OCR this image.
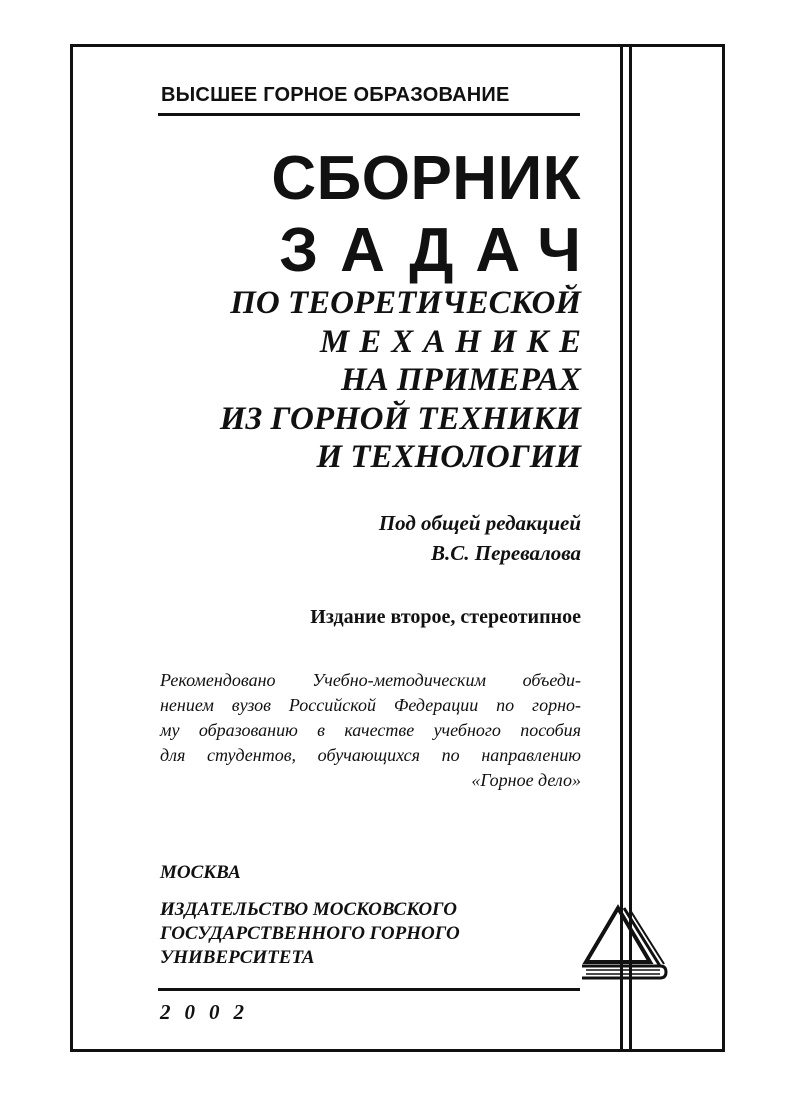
ВЫСШЕЕ ГОРНОЕ ОБРАЗОВАНИЕ
СБОРНИК
ЗАДАЧ
ПО ТЕОРЕТИЧЕСКОЙ
МЕХАНИКЕ
НА ПРИМЕРАХ
ИЗ ГОРНОЙ ТЕХНИКИ
И ТЕХНОЛОГИИ
Под общей редакцией
В.С. Перевалова
Издание второе, стереотипное
Рекомендовано Учебно-методическим объеди-
нением вузов Российской Федерации по горно-
му образованию в качестве учебного пособия
для студентов, обучающихся по направлению
«Горное дело»
МОСКВА
ИЗДАТЕЛЬСТВО МОСКОВСКОГО
ГОСУДАРСТВЕННОГО ГОРНОГО
УНИВЕРСИТЕТА
2002
